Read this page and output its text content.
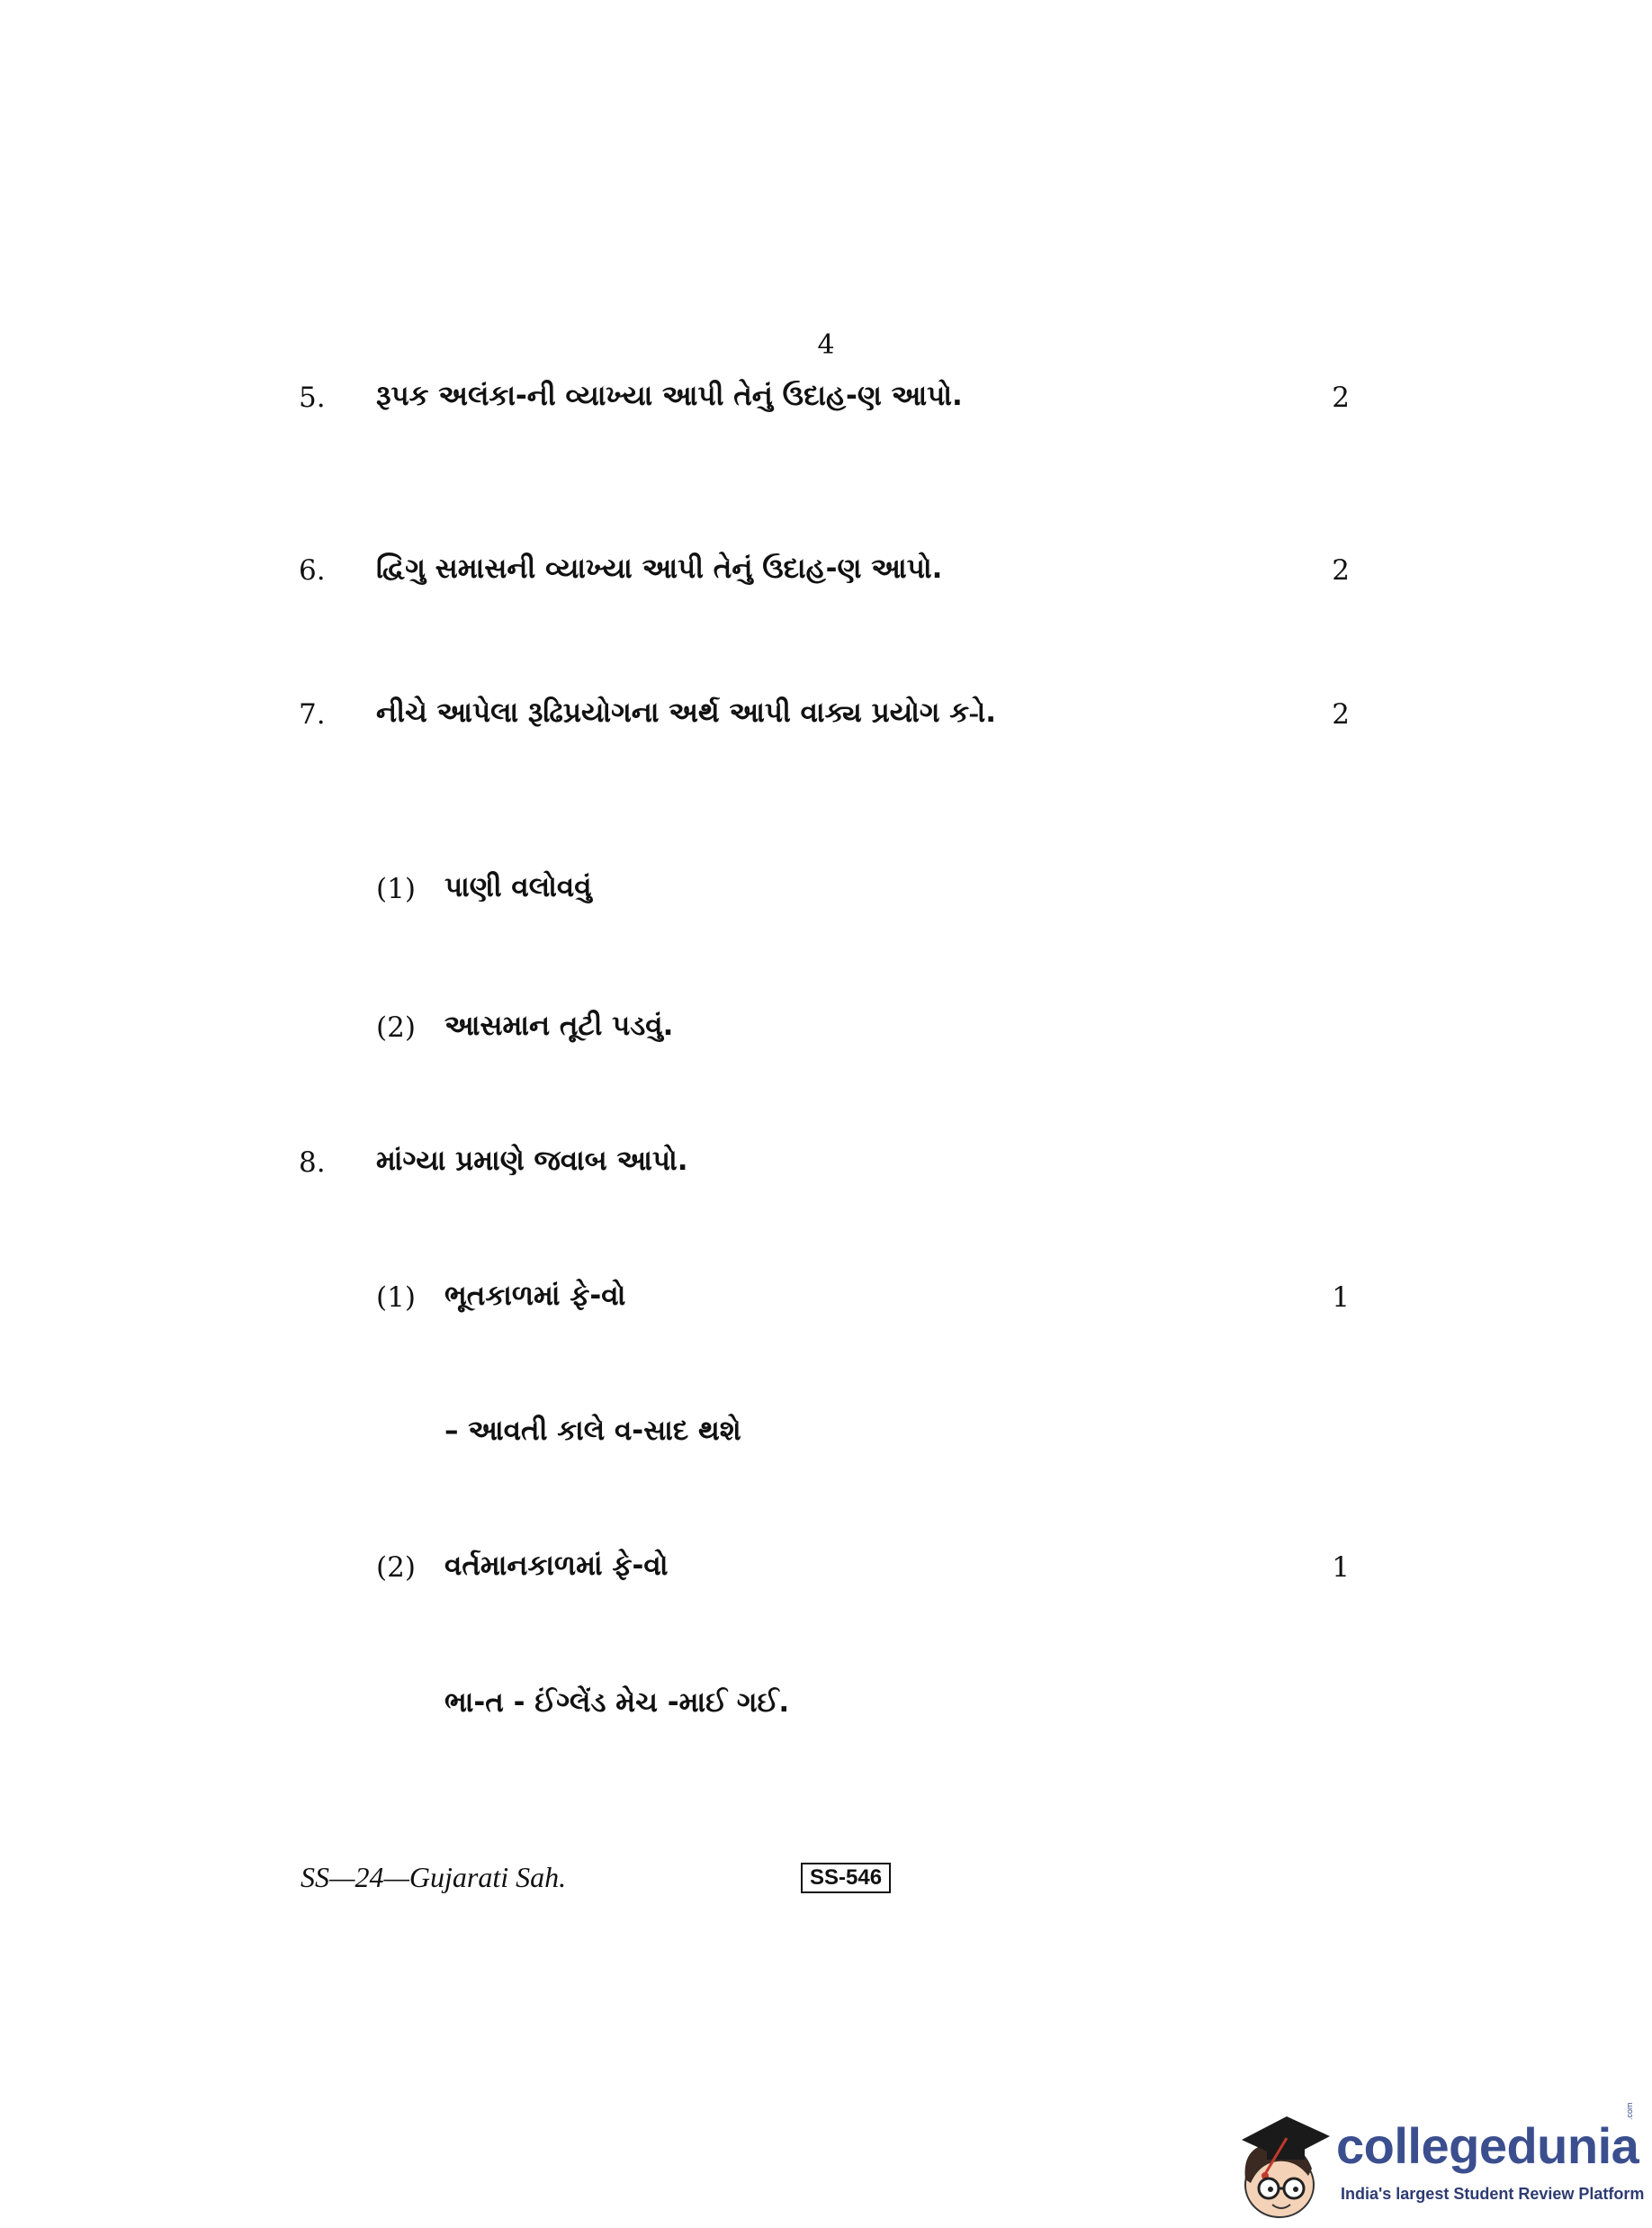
4
5. રૂપક અલંકા-ની વ્યાખ્યા આપી તેનું ઉદાહ-ણ આપો.	2
6. દ્વિગુ સમાસની વ્યાખ્યા આપી તેનું ઉદાહ-ણ આપો.	2
7. નીચે આપેલા રૂઢિપ્રયોગના અર્થ આપી વાક્ય પ્રયોગ ક-ો.	2
(1) પાણી વલોવવું
(2) આસમાન તૂટી પડવું.
8. માંગ્યા પ્રમાણે જવાબ આપો.
(1) ભૂતકાળમાં ફે-વો	1
– આવતી કાલે વ-સાદ થશે
(2) વર્તમાનકાળમાં ફે-વો	1
ભા-ત - ઈંગ્લેંડ મેચ -માઈ ગઈ.
SS—24—Gujarati Sah.	SS-546
collegedunia
India's largest Student Review Platform
.com
